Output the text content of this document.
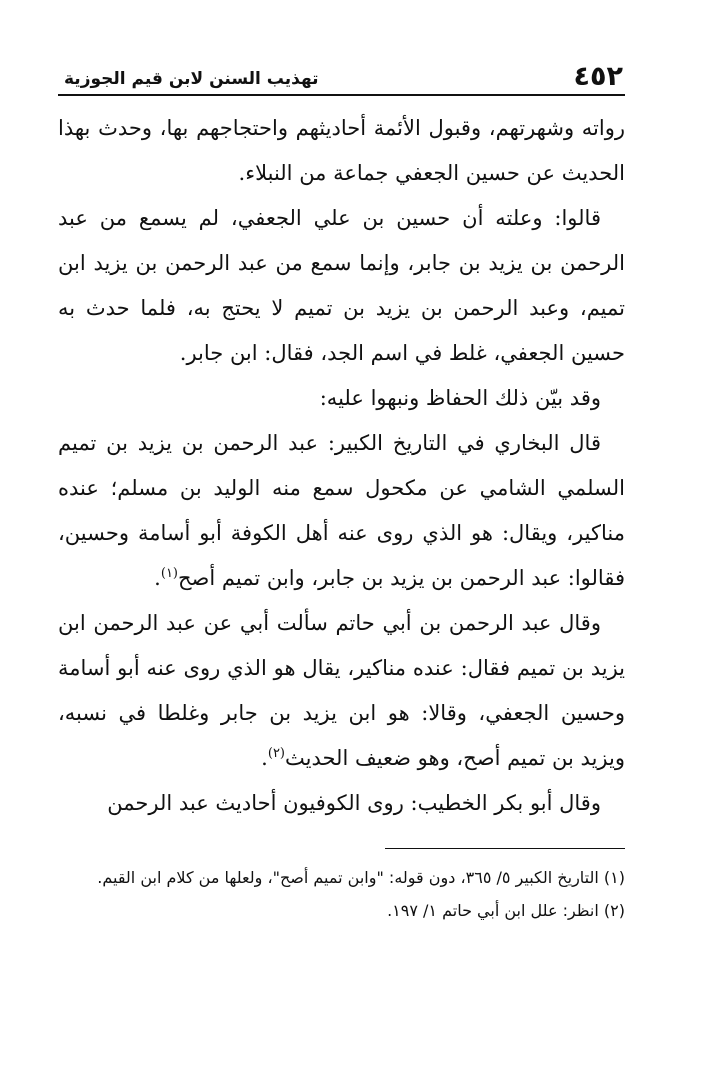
٤٥٢
تهذيب السنن لابن قيم الجوزية

رواته وشهرتهم، وقبول الأئمة أحاديثهم واحتجاجهم بها، وحدث بهذا الحديث عن حسين الجعفي جماعة من النبلاء.

قالوا: وعلته أن حسين بن علي الجعفي، لم يسمع من عبد الرحمن بن يزيد بن جابر، وإنما سمع من عبد الرحمن بن يزيد ابن تميم، وعبد الرحمن بن يزيد بن تميم لا يحتج به، فلما حدث به حسين الجعفي، غلط في اسم الجد، فقال: ابن جابر.

وقد بيّن ذلك الحفاظ ونبهوا عليه:

قال البخاري في التاريخ الكبير: عبد الرحمن بن يزيد بن تميم السلمي الشامي عن مكحول سمع منه الوليد بن مسلم؛ عنده مناكير، ويقال: هو الذي روى عنه أهل الكوفة أبو أسامة وحسين، فقالوا: عبد الرحمن بن يزيد بن جابر، وابن تميم أصح$^{(١)}$.

وقال عبد الرحمن بن أبي حاتم سألت أبي عن عبد الرحمن ابن يزيد بن تميم فقال: عنده مناكير، يقال هو الذي روى عنه أبو أسامة وحسين الجعفي، وقالا: هو ابن يزيد بن جابر وغلطا في نسبه، ويزيد بن تميم أصح، وهو ضعيف الحديث$^{(٢)}$.

وقال أبو بكر الخطيب: روى الكوفيون أحاديث عبد الرحمن

(١) التاريخ الكبير ٥/ ٣٦٥، دون قوله: "وابن تميم أصح"، ولعلها من كلام ابن القيم.

(٢) انظر: علل ابن أبي حاتم ١/ ١٩٧.
